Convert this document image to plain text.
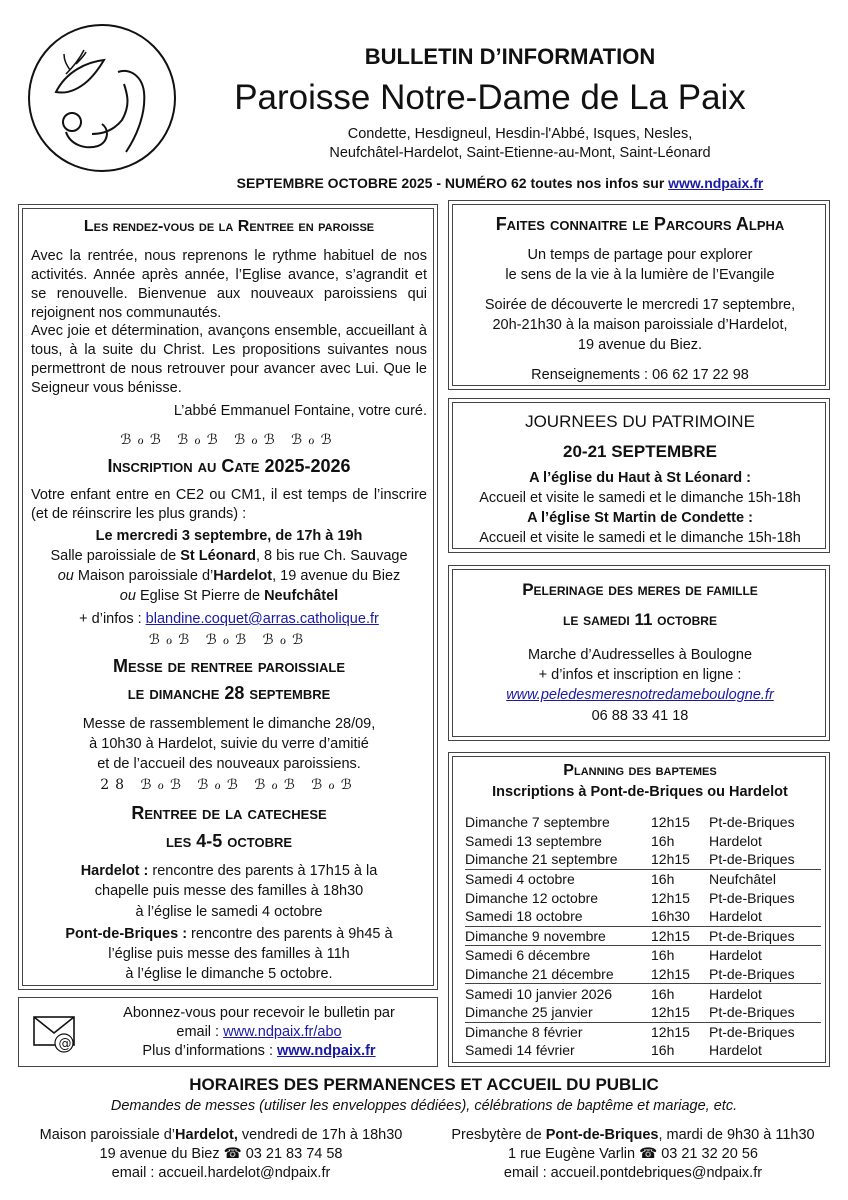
BULLETIN D’INFORMATION
Paroisse Notre-Dame de La Paix
Condette, Hesdigneul, Hesdin-l'Abbé, Isques, Nesles,
Neufchâtel-Hardelot, Saint-Etienne-au-Mont, Saint-Léonard
SEPTEMBRE OCTOBRE 2025 - NUMÉRO 62 toutes nos infos sur www.ndpaix.fr
Les rendez-vous de la Rentree en paroisse
Avec la rentrée, nous reprenons le rythme habituel de nos activités. Année après année, l’Eglise avance, s’agrandit et se renouvelle. Bienvenue aux nouveaux paroissiens qui rejoignent nos communautés.
Avec joie et détermination, avançons ensemble, accueillant à tous, à la suite du Christ. Les propositions suivantes nous permettront de nous retrouver pour avancer avec Lui. Que le Seigneur vous bénisse.
L’abbé Emmanuel Fontaine, votre curé.
ℬℴℬ ℬℴℬ ℬℴℬ ℬℴℬ
Inscription au Cate 2025-2026
Votre enfant entre en CE2 ou CM1, il est temps de l’inscrire (et de réinscrire les plus grands) :
Le mercredi 3 septembre, de 17h à 19h
Salle paroissiale de St Léonard, 8 bis rue Ch. Sauvage
ou Maison paroissiale d’Hardelot, 19 avenue du Biez
ou Eglise St Pierre de Neufchâtel
+ d’infos : blandine.coquet@arras.catholique.fr
ℬℴℬ ℬℴℬ ℬℴℬ
Messe de rentree paroissiale
le dimanche 28 septembre
Messe de rassemblement le dimanche 28/09,
à 10h30 à Hardelot, suivie du verre d’amitié
et de l’accueil des nouveaux paroissiens.
28 ℬℴℬ ℬℴℬ ℬℴℬ ℬℴℬ
Rentree de la catechese
les 4-5 octobre
Hardelot : rencontre des parents à 17h15 à la
chapelle puis messe des familles à 18h30
à l’église le samedi 4 octobre
Pont-de-Briques : rencontre des parents à 9h45 à
l’église puis messe des familles à 11h
à l’église le dimanche 5 octobre.
@
Abonnez-vous pour recevoir le bulletin par
email : www.ndpaix.fr/abo
Plus d’informations : www.ndpaix.fr
Faites connaitre le Parcours Alpha
Un temps de partage pour explorer
le sens de la vie à la lumière de l’Evangile
Soirée de découverte le mercredi 17 septembre,
20h-21h30 à la maison paroissiale d’Hardelot,
19 avenue du Biez.
Renseignements : 06 62 17 22 98
JOURNEES DU PATRIMOINE
20-21 SEPTEMBRE
A l’église du Haut à St Léonard :
Accueil et visite le samedi et le dimanche 15h-18h
A l’église St Martin de Condette :
Accueil et visite le samedi et le dimanche 15h-18h
Pelerinage des meres de famille
le samedi 11 octobre
Marche d’Audresselles à Boulogne
+ d’infos et inscription en ligne :
www.peledesmeresnotredameboulogne.fr
06 88 33 41 18
Planning des baptemes
Inscriptions à Pont-de-Briques ou Hardelot
Dimanche 7 septembre	12h15	Pt-de-Briques
Samedi 13 septembre	16h	Hardelot
Dimanche 21 septembre	12h15	Pt-de-Briques
Samedi 4 octobre	16h	Neufchâtel
Dimanche 12 octobre	12h15	Pt-de-Briques
Samedi 18 octobre	16h30	Hardelot
Dimanche 9 novembre	12h15	Pt-de-Briques
Samedi 6 décembre	16h	Hardelot
Dimanche 21 décembre	12h15	Pt-de-Briques
Samedi 10 janvier 2026	16h	Hardelot
Dimanche 25 janvier	12h15	Pt-de-Briques
Dimanche 8 février	12h15	Pt-de-Briques
Samedi 14 février	16h	Hardelot
HORAIRES DES PERMANENCES ET ACCUEIL DU PUBLIC
Demandes de messes (utiliser les enveloppes dédiées), célébrations de baptême et mariage, etc.
Maison paroissiale d’Hardelot, vendredi de 17h à 18h30
19 avenue du Biez ☎ 03 21 83 74 58
email : accueil.hardelot@ndpaix.fr
Presbytère de Pont-de-Briques, mardi de 9h30 à 11h30
1 rue Eugène Varlin ☎ 03 21 32 20 56
email : accueil.pontdebriques@ndpaix.fr
